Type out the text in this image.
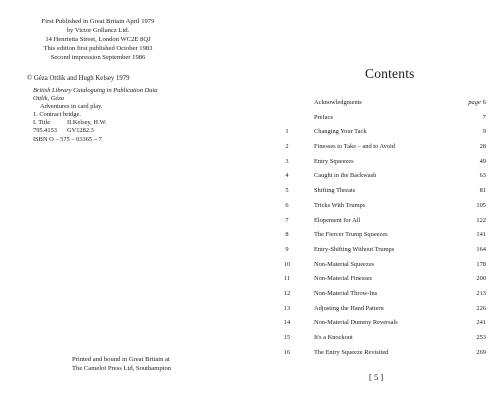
First Published in Great Britain April 1979
by Victor Gollancz Ltd.
14 Henrietta Street, London WC2E 8QJ
This edition first published October 1983
Second impression September 1986
© Géza Ottlik and Hugh Kelsey 1979
British Library Cataloguing in Publication Data
Ottlik, Géza
Adventures in card play.
1. Contract bridge.
I. Title	II.Kelsey, H.W.
795.4153 GV1282.3
ISBN O – 575 – 03365 – 7
Printed and bound in Great Britain at
The Camelot Press Ltd, Southampton
Contents
Acknowledgments	page 6
Preface	7
1	Changing Your Tack	9
2	Finesses to Take – and to Avoid	28
3	Entry Squeezes	49
4	Caught in the Backwash	63
5	Shifting Threats	81
6	Tricks With Trumps	105
7	Elopement for All	122
8	The Fiercer Trump Squeezes	141
9	Entry-Shifting Without Trumps	164
10	Non-Material Squeezes	178
11	Non-Material Finesses	200
12	Non-Material Throw-Ins	213
13	Adjusting the Hand Pattern	226
14	Non-Material Dummy Reversals	241
15	It's a Knockout	253
16	The Entry Squeeze Revisited	269
[ 5 ]
